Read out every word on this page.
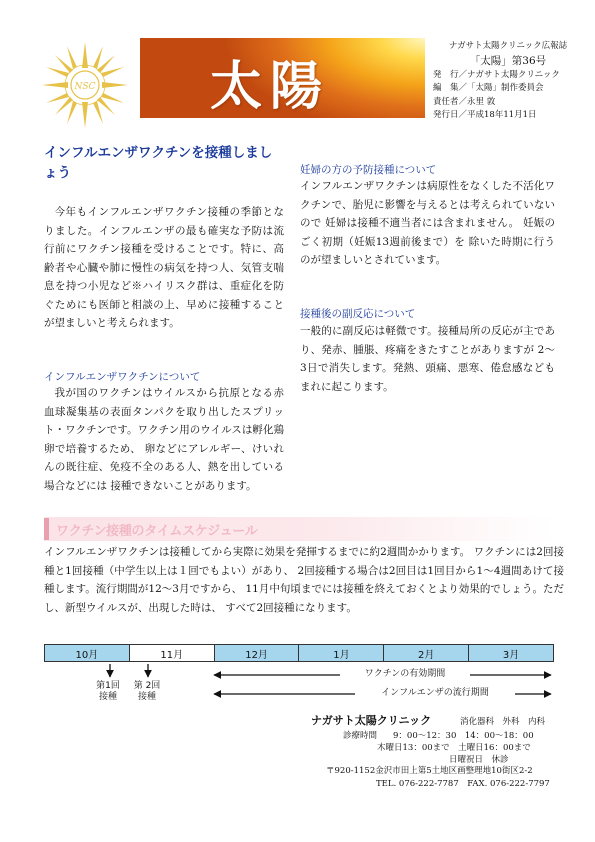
NSC 太陽
ナガサト太陽クリニック広報誌
「太陽」第36号
発　行／ナガサト太陽クリニック
編　集／「太陽」制作委員会
責任者／永里 敦
発行日／平成18年11月1日
インフルエンザワクチンを接種しましょう
今年もインフルエンザワクチン接種の季節となりました。インフルエンザの最も確実な予防は流行前にワクチン接種を受けることです。特に、高齢者や心臓や肺に慢性の病気を持つ人、気管支喘息を持つ小児など※ハイリスク群は、重症化を防ぐためにも医師と相談の上、早めに接種することが望ましいと考えられます。
インフルエンザワクチンについて
我が国のワクチンはウイルスから抗原となる赤血球凝集基の表面タンパクを取り出したスプリット・ワクチンです。ワクチン用のウイルスは孵化鶏卵で培養するため、 卵などにアレルギー、けいれんの既往症、免疫不全のある人、熱を出している場合などには 接種できないことがあります。
妊婦の方の予防接種について
インフルエンザワクチンは病原性をなくした不活化ワクチンで、胎児に影響を与えるとは考えられていないので 妊婦は接種不適当者には含まれません。 妊娠のごく初期（妊娠13週前後まで）を 除いた時期に行うのが望ましいとされています。
接種後の副反応について
一般的に副反応は軽微です。接種局所の反応が主であり、発赤、腫脹、疼痛をきたすことがありますが 2～3日で消失します。発熱、頭痛、悪寒、倦怠感などもまれに起こります。
ワクチン接種のタイムスケジュール
インフルエンザワクチンは接種してから実際に効果を発揮するまでに約2週間かかります。 ワクチンには2回接種と1回接種（中学生以上は１回でもよい）があり、 2回接種する場合は2回目は1回目から1～4週間あけて接種します。流行期間が12～3月ですから、 11月中旬頃までには接種を終えておくとより効果的でしょう。ただし、新型ウイルスが、出現した時は、 すべて2回接種になります。
10月	11月	12月	1月	2月	3月
第1回
接種
第 2回
接種
ワクチンの有効期間
インフルエンザの流行期間
ナガサト太陽クリニック	消化器科　外科　内科
診療時間	9：00～12：30　14：00～18：00
木曜日13：00まで　土曜日16：00まで
日曜祝日　休診
〒920-1152金沢市田上第5土地区画整理地10街区2-2
TEL. 076-222-7787　FAX. 076-222-7797
